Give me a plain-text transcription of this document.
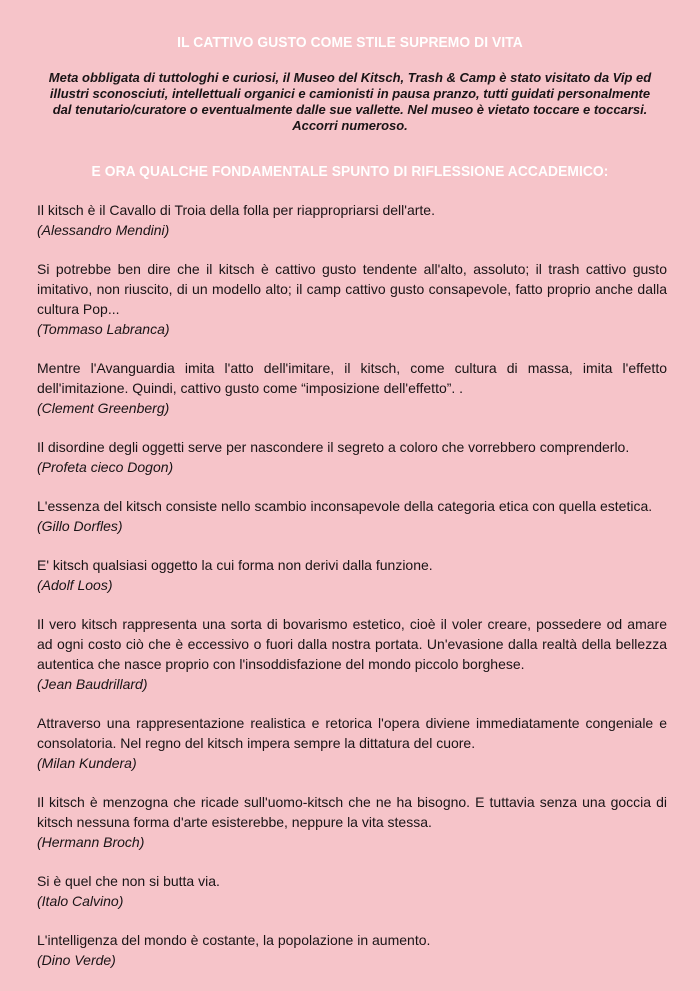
IL CATTIVO GUSTO COME STILE SUPREMO DI VITA
Meta obbligata di tuttologhi e curiosi, il Museo del Kitsch, Trash & Camp è stato visitato da Vip ed illustri sconosciuti, intellettuali organici e camionisti in pausa pranzo, tutti guidati personalmente dal tenutario/curatore o eventualmente dalle sue vallette. Nel museo è vietato toccare e toccarsi. Accorri numeroso.
E ORA QUALCHE FONDAMENTALE SPUNTO DI RIFLESSIONE ACCADEMICO:

Il kitsch è il Cavallo di Troia della folla per riappropriarsi dell'arte.

(Alessandro Mendini)

Si potrebbe ben dire che il kitsch è cattivo gusto tendente all'alto, assoluto; il trash cattivo gusto imitativo, non riuscito, di un modello alto; il camp cattivo gusto consapevole, fatto proprio anche dalla cultura Pop...

(Tommaso Labranca)

Mentre l'Avanguardia imita l'atto dell'imitare, il kitsch, come cultura di massa, imita l'effetto dell'imitazione. Quindi, cattivo gusto come “imposizione dell'effetto”. .

(Clement Greenberg)

Il disordine degli oggetti serve per nascondere il segreto a coloro che vorrebbero comprenderlo.

(Profeta cieco Dogon)

L'essenza del kitsch consiste nello scambio inconsapevole della categoria etica con quella estetica.

(Gillo Dorfles)

E' kitsch qualsiasi oggetto la cui forma non derivi dalla funzione.

(Adolf Loos)

Il vero kitsch rappresenta una sorta di bovarismo estetico, cioè il voler creare, possedere od amare ad ogni costo ciò che è eccessivo o fuori dalla nostra portata. Un'evasione dalla realtà della bellezza autentica che nasce proprio con l'insoddisfazione del mondo piccolo borghese.

(Jean Baudrillard)

Attraverso una rappresentazione realistica e retorica l'opera diviene immediatamente congeniale e consolatoria. Nel regno del kitsch impera sempre la dittatura del cuore.

(Milan Kundera)

Il kitsch è menzogna che ricade sull'uomo-kitsch che ne ha bisogno. E tuttavia senza una goccia di kitsch nessuna forma d'arte esisterebbe, neppure la vita stessa.

(Hermann Broch)

Si è quel che non si butta via.

(Italo Calvino)

L'intelligenza del mondo è costante, la popolazione in aumento.

(Dino Verde)
